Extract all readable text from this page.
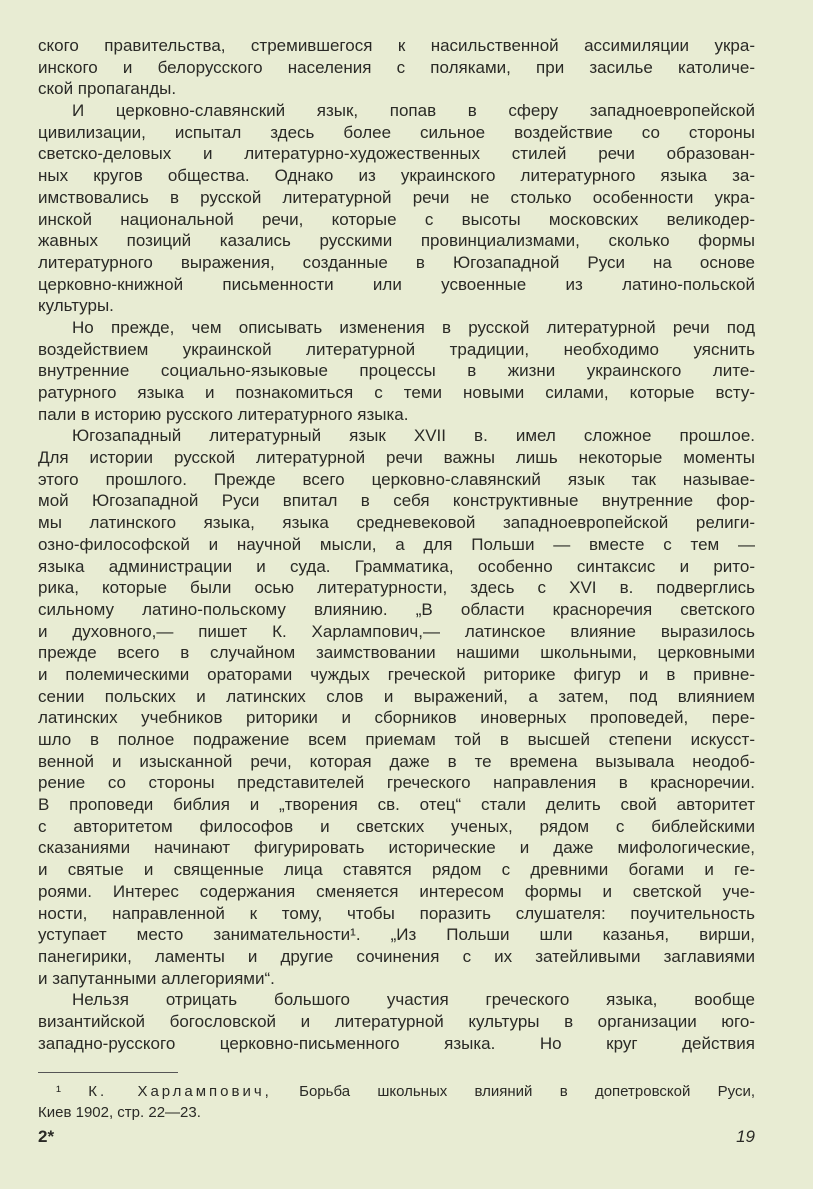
ского правительства, стремившегося к насильственной ассимиляции укра-
инского и белорусского населения с поляками, при засилье католиче-
ской пропаганды.
И церковно-славянский язык, попав в сферу западноевропейской
цивилизации, испытал здесь более сильное воздействие со стороны
светско-деловых и литературно-художественных стилей речи образован-
ных кругов общества. Однако из украинского литературного языка за-
имствовались в русской литературной речи не столько особенности укра-
инской национальной речи, которые с высоты московских великодер-
жавных позиций казались русскими провинциализмами, сколько формы
литературного выражения, созданные в Югозападной Руси на основе
церковно-книжной письменности или усвоенные из латино-польской
культуры.
Но прежде, чем описывать изменения в русской литературной речи под
воздействием украинской литературной традиции, необходимо уяснить
внутренние социально-языковые процессы в жизни украинского лите-
ратурного языка и познакомиться с теми новыми силами, которые всту-
пали в историю русского литературного языка.
Югозападный литературный язык XVII в. имел сложное прошлое.
Для истории русской литературной речи важны лишь некоторые моменты
этого прошлого. Прежде всего церковно-славянский язык так называе-
мой Югозападной Руси впитал в себя конструктивные внутренние фор-
мы латинского языка, языка средневековой западноевропейской религи-
озно-философской и научной мысли, а для Польши — вместе с тем —
языка администрации и суда. Грамматика, особенно синтаксис и рито-
рика, которые были осью литературности, здесь с XVI в. подверглись
сильному латино-польскому влиянию. „В области красноречия светского
и духовного,— пишет К. Харлампович,— латинское влияние выразилось
прежде всего в случайном заимствовании нашими школьными, церковными
и полемическими ораторами чуждых греческой риторике фигур и в привне-
сении польских и латинских слов и выражений, а затем, под влиянием
латинских учебников риторики и сборников иноверных проповедей, пере-
шло в полное подражение всем приемам той в высшей степени искусст-
венной и изысканной речи, которая даже в те времена вызывала неодоб-
рение со стороны представителей греческого направления в красноречии.
В проповеди библия и „творения св. отец“ стали делить свой авторитет
с авторитетом философов и светских ученых, рядом с библейскими
сказаниями начинают фигурировать исторические и даже мифологические,
и святые и священные лица ставятся рядом с древними богами и ге-
роями. Интерес содержания сменяется интересом формы и светской уче-
ности, направленной к тому, чтобы поразить слушателя: поучительность
уступает место занимательности¹. „Из Польши шли казанья, вирши,
панегирики, ламенты и другие сочинения с их затейливыми заглавиями
и запутанными аллегориями“.
Нельзя отрицать большого участия греческого языка, вообще
византийской богословской и литературной культуры в организации юго-
западно-русского церковно-письменного языка. Но круг действия
¹ К. Харлампович, Борьба школьных влияний в допетровской Руси,
Киев 1902, стр. 22—23.
2*	19
